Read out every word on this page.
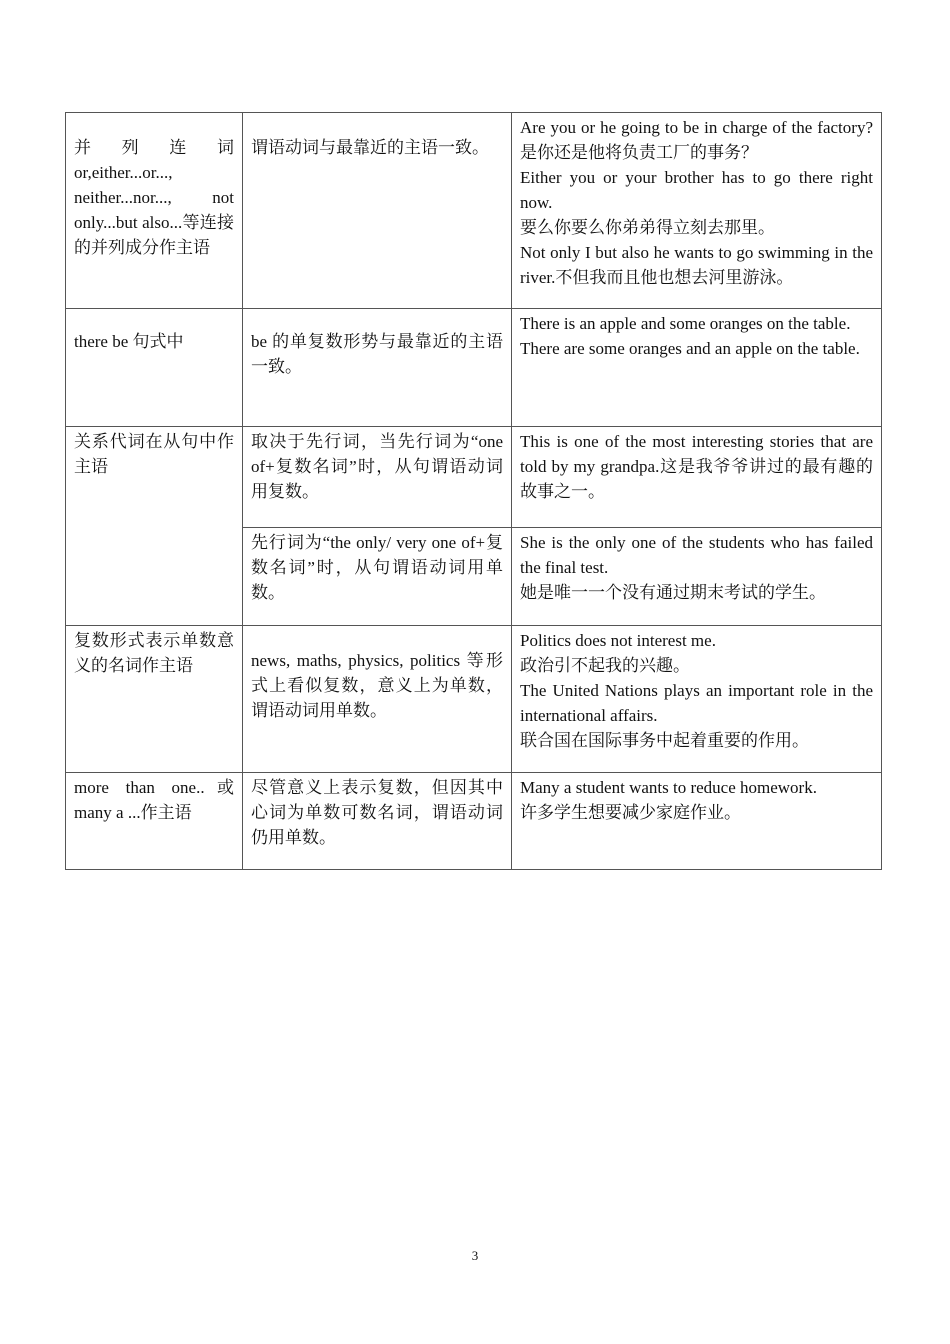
并列连词or,either...or..., neither...nor..., not only...but also...等连接的并列成分作主语	谓语动词与最靠近的主语一致。	Are you or he going to be in charge of the factory? 是你还是他将负责工厂的事务？
Either you or your brother has to go there right now.
要么你要么你弟弟得立刻去那里。
Not only I but also he wants to go swimming in the river.不但我而且他也想去河里游泳。

there be 句式中	be 的单复数形势与最靠近的主语一致。	There is an apple and some oranges on the table.
There are some oranges and an apple on the table.

关系代词在从句中作主语	取决于先行词，当先行词为“one of+复数名词”时，从句谓语动词用复数。	This is one of the most interesting stories that are told by my grandpa.这是我爷爷讲过的最有趣的故事之一。

	先行词为“the only/ very one of+复数名词”时，从句谓语动词用单数。	She is the only one of the students who has failed the final test.
她是唯一一个没有通过期末考试的学生。

复数形式表示单数意义的名词作主语	news, maths, physics, politics 等形式上看似复数，意义上为单数，谓语动词用单数。	Politics does not interest me.
政治引不起我的兴趣。
The United Nations plays an important role in the international affairs.
联合国在国际事务中起着重要的作用。

more than one..或many a ...作主语	尽管意义上表示复数，但因其中心词为单数可数名词，谓语动词仍用单数。	Many a student wants to reduce homework.
许多学生想要减少家庭作业。
3
